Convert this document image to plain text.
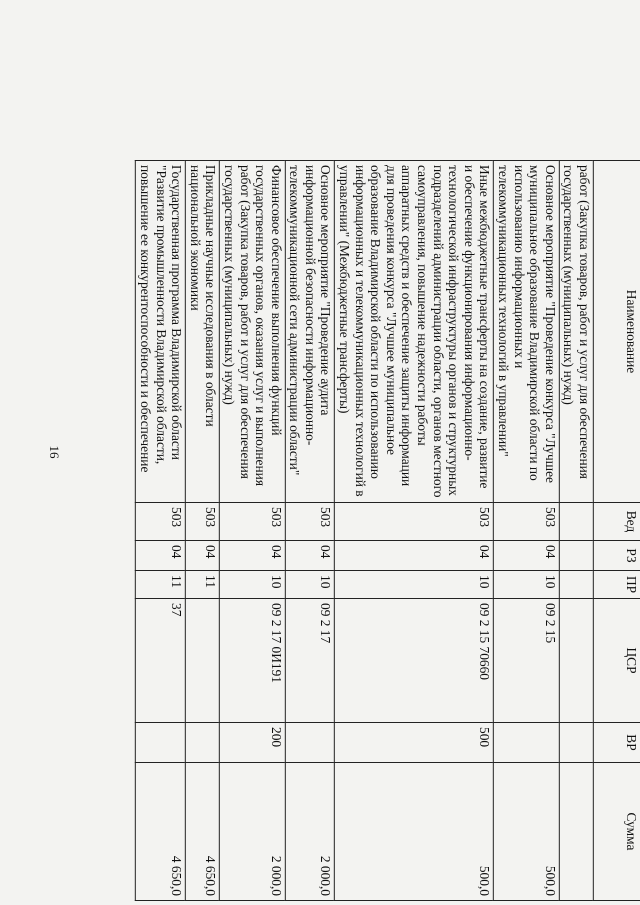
16
Наименование	Вед	РЗ	ПР	ЦСР	ВР	Сумма
работ (Закупка товаров, работ и услуг для обеспечения государственных (муниципальных) нужд)						
Основное мероприятие "Проведение конкурса "Лучшее муниципальное образование Владимирской области по использованию информационных и телекоммуникационных технологий в управлении"	503	04	10	09 2 15		500,0
Иные межбюджетные трансферты на создание, развитие и обеспечение функционирования информационно-технологической инфраструктуры органов и структурных подразделений администрации области, органов местного самоуправления, повышение надежности работы аппаратных средств и обеспечение защиты информации для проведения конкурса "Лучшее муниципальное образование Владимирской области по использованию информационных и телекоммуникационных технологий в управлении" (Межбюджетные трансферты)	503	04	10	09 2 15 70660	500	500,0
Основное мероприятие "Проведение аудита информационной безопасности информационно-телекоммуникационной сети администрации области"	503	04	10	09 2 17		2 000,0
Финансовое обеспечение выполнения функций государственных органов, оказания услуг и выполнения работ (Закупка товаров, работ и услуг для обеспечения государственных (муниципальных) нужд)	503	04	10	09 2 17 0И191	200	2 000,0
Прикладные научные исследования в области национальной экономики	503	04	11			4 650,0
Государственная программа Владимирской области "Развитие промышленности Владимирской области, повышение ее конкурентоспособности и обеспечение	503	04	11	37		4 650,0
